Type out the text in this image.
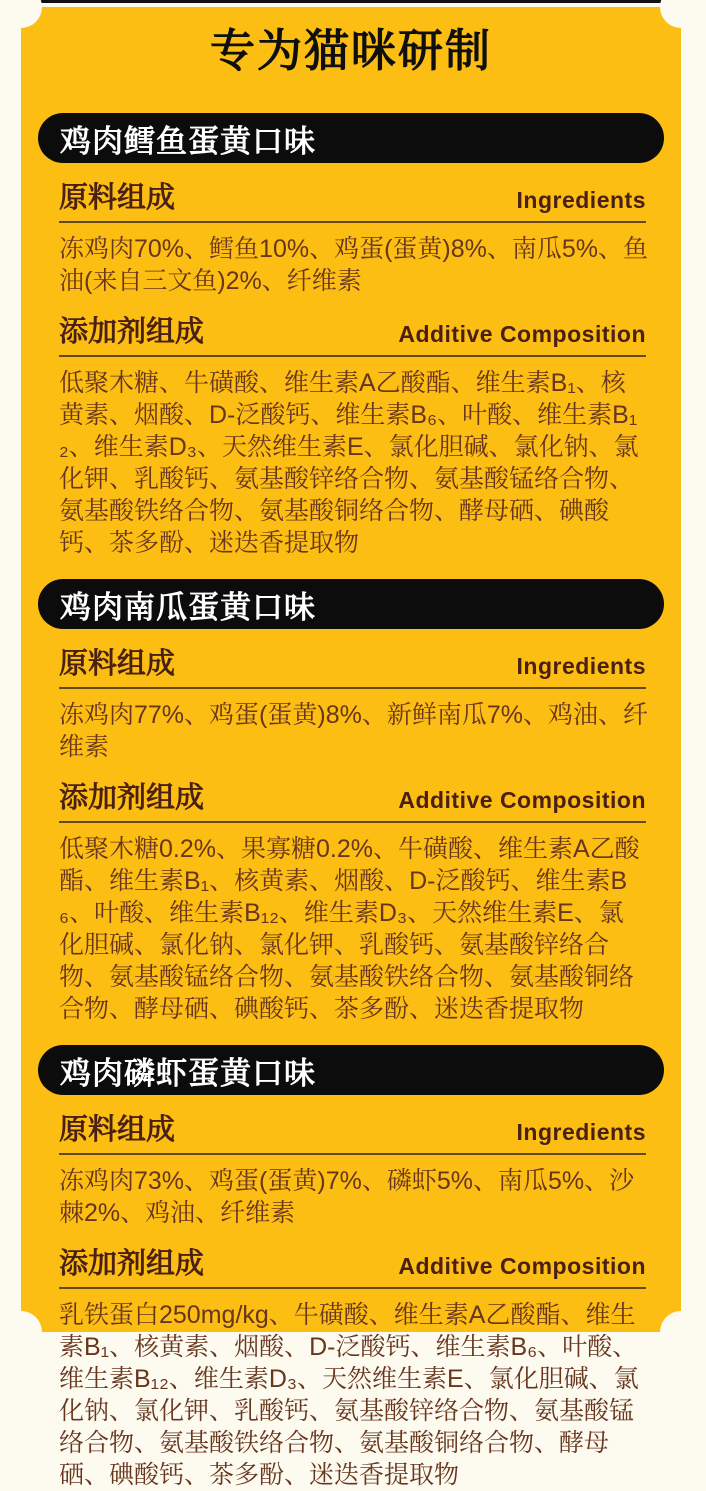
专为猫咪研制
鸡肉鳕鱼蛋黄口味
原料组成	Ingredients

冻鸡肉70%、鳕鱼10%、鸡蛋(蛋黄)8%、南瓜5%、鱼油(来自三文鱼)2%、纤维素

添加剂组成	Additive Composition

低聚木糖、牛磺酸、维生素A乙酸酯、维生素B₁、核黄素、烟酸、D-泛酸钙、维生素B₆、叶酸、维生素B₁₂、维生素D₃、天然维生素E、氯化胆碱、氯化钠、氯化钾、乳酸钙、氨基酸锌络合物、氨基酸锰络合物、氨基酸铁络合物、氨基酸铜络合物、酵母硒、碘酸钙、茶多酚、迷迭香提取物

鸡肉南瓜蛋黄口味
原料组成	Ingredients

冻鸡肉77%、鸡蛋(蛋黄)8%、新鲜南瓜7%、鸡油、纤维素

添加剂组成	Additive Composition

低聚木糖0.2%、果寡糖0.2%、牛磺酸、维生素A乙酸酯、维生素B₁、核黄素、烟酸、D-泛酸钙、维生素B₆、叶酸、维生素B₁₂、维生素D₃、天然维生素E、氯化胆碱、氯化钠、氯化钾、乳酸钙、氨基酸锌络合物、氨基酸锰络合物、氨基酸铁络合物、氨基酸铜络合物、酵母硒、碘酸钙、茶多酚、迷迭香提取物

鸡肉磷虾蛋黄口味
原料组成	Ingredients

冻鸡肉73%、鸡蛋(蛋黄)7%、磷虾5%、南瓜5%、沙棘2%、鸡油、纤维素

添加剂组成	Additive Composition

乳铁蛋白250mg/kg、牛磺酸、维生素A乙酸酯、维生素B₁、核黄素、烟酸、D-泛酸钙、维生素B₆、叶酸、维生素B₁₂、维生素D₃、天然维生素E、氯化胆碱、氯化钠、氯化钾、乳酸钙、氨基酸锌络合物、氨基酸锰络合物、氨基酸铁络合物、氨基酸铜络合物、酵母硒、碘酸钙、茶多酚、迷迭香提取物
